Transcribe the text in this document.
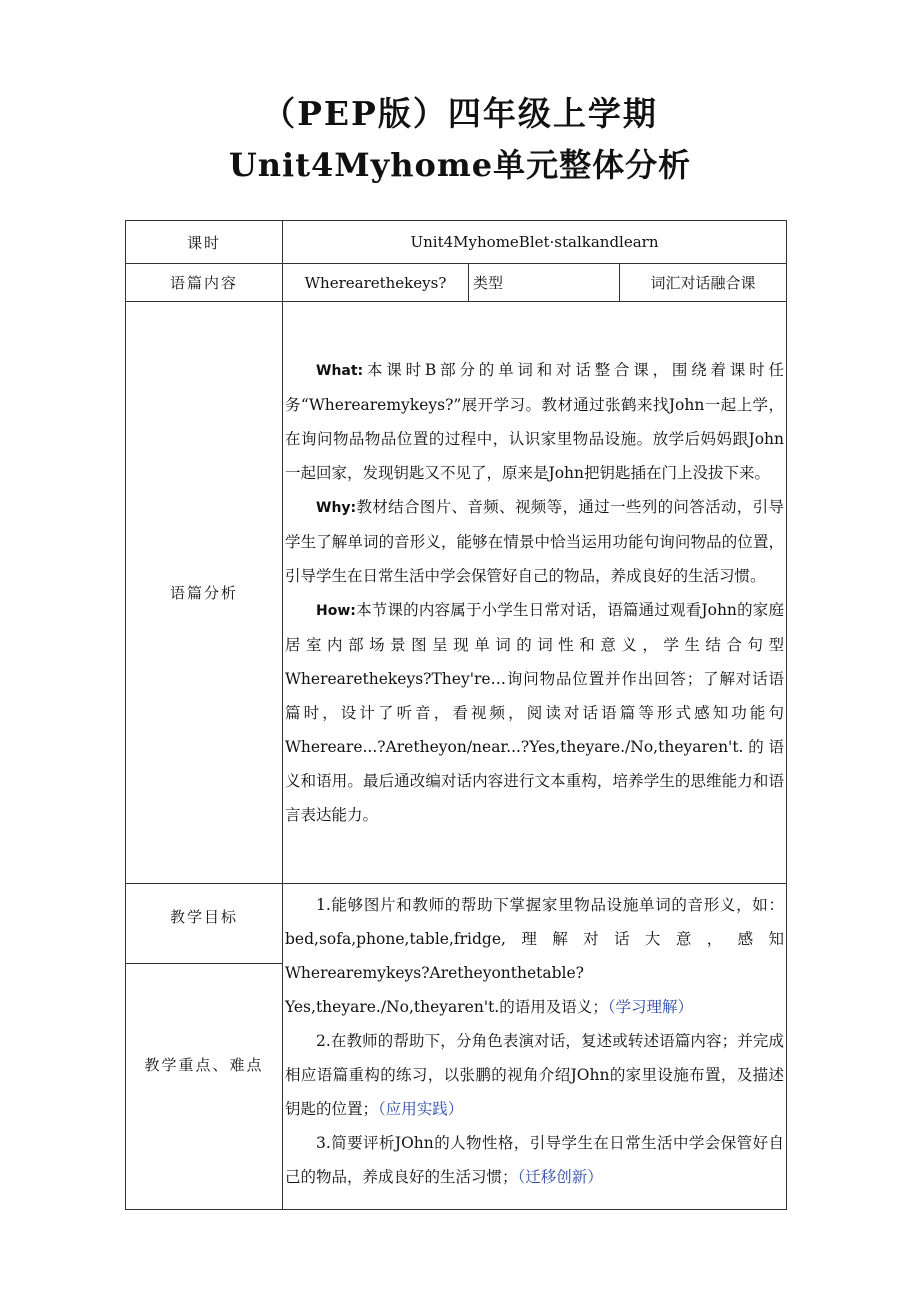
（PEP版）四年级上学期
Unit4Myhome单元整体分析
课时	Unit4MyhomeBlet·stalkandlearn		
语篇内容	Wherearethekeys?	类型	词汇对话融合课
语篇分析	What:本课时B部分的单词和对话整合课，围绕着课时任务“Wherearemykeys?”展开学习。教材通过张鹤来找John一起上学，在询问物品物品位置的过程中，认识家里物品设施。放学后妈妈跟John一起回家，发现钥匙又不见了，原来是John把钥匙插在门上没拔下来。

Why:教材结合图片、音频、视频等，通过一些列的问答活动，引导学生了解单词的音形义，能够在情景中恰当运用功能句询问物品的位置，引导学生在日常生活中学会保管好自己的物品，养成良好的生活习惯。

How:本节课的内容属于小学生日常对话，语篇通过观看John的家庭居室内部场景图呈现单词的词性和意义，学生结合句型Wherearethekeys?They're…询问物品位置并作出回答；了解对话语篇时，设计了听音，看视频，阅读对话语篇等形式感知功能句Whereare...?Aretheyon/near...?Yes,theyare./No,theyaren't.的语义和语用。最后通改编对话内容进行文本重构，培养学生的思维能力和语言表达能力。		

教学目标	1.能够图片和教师的帮助下掌握家里物品设施单词的音形义，如：bed,sofa,phone,table,fridge,理解对话大意，感知Wherearemykeys?Aretheyonthetable?Yes,theyare./No,theyaren't.的语用及语义；（学习理解）

2.在教师的帮助下，分角色表演对话，复述或转述语篇内容；并完成相应语篇重构的练习，以张鹏的视角介绍JOhn的家里设施布置，及描述钥匙的位置；（应用实践）

3.简要评析JOhn的人物性格，引导学生在日常生活中学会保管好自己的物品，养成良好的生活习惯；（迁移创新）		

教学重点、难点			
